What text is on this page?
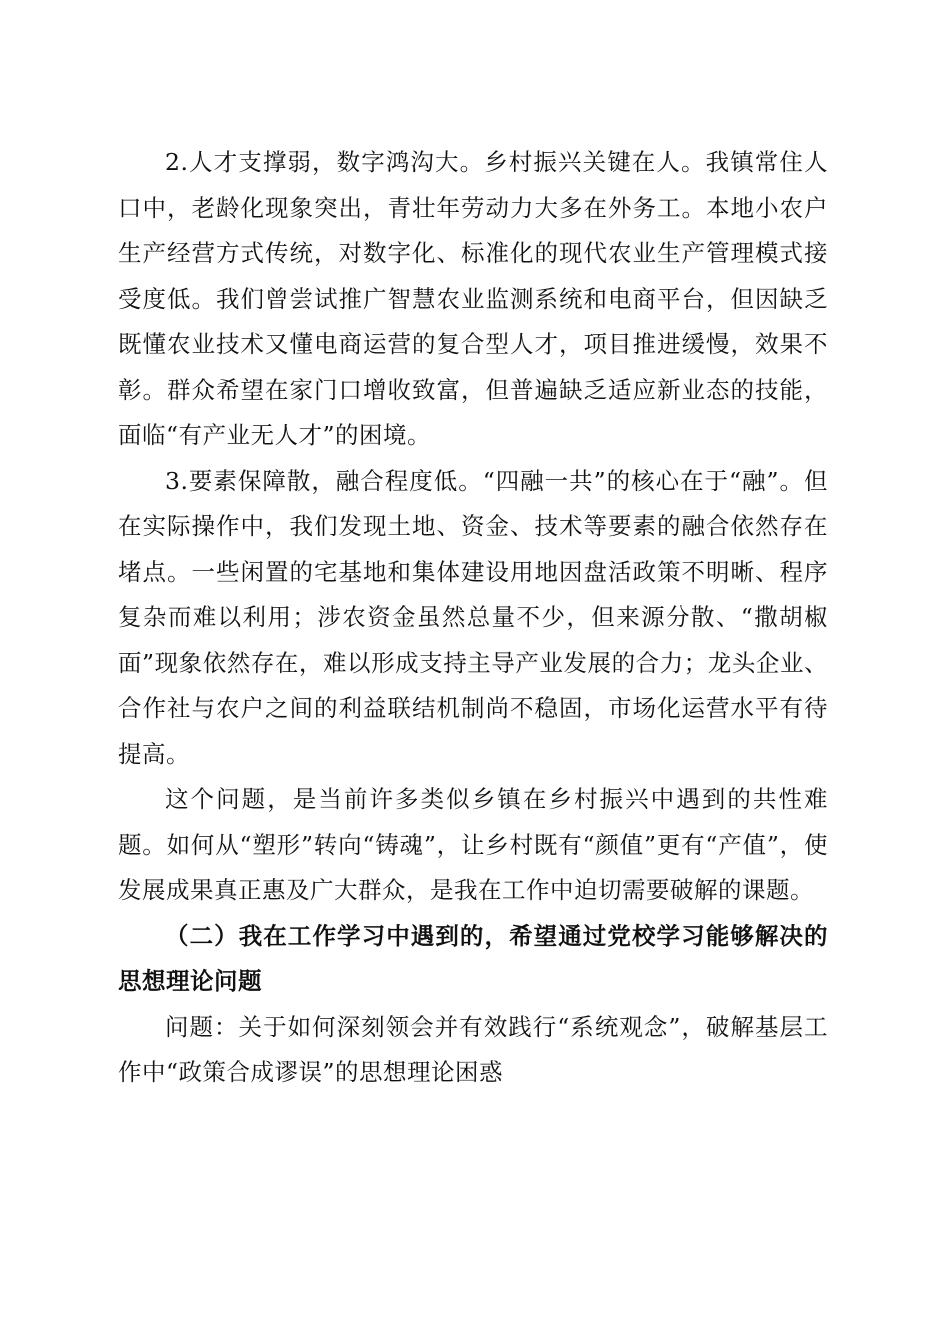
2.人才支撑弱，数字鸿沟大。乡村振兴关键在人。我镇常住人口中，老龄化现象突出，青壮年劳动力大多在外务工。本地小农户生产经营方式传统，对数字化、标准化的现代农业生产管理模式接受度低。我们曾尝试推广智慧农业监测系统和电商平台，但因缺乏既懂农业技术又懂电商运营的复合型人才，项目推进缓慢，效果不彰。群众希望在家门口增收致富，但普遍缺乏适应新业态的技能，面临“有产业无人才”的困境。

3.要素保障散，融合程度低。“四融一共”的核心在于“融”。但在实际操作中，我们发现土地、资金、技术等要素的融合依然存在堵点。一些闲置的宅基地和集体建设用地因盘活政策不明晰、程序复杂而难以利用；涉农资金虽然总量不少，但来源分散、“撒胡椒面”现象依然存在，难以形成支持主导产业发展的合力；龙头企业、合作社与农户之间的利益联结机制尚不稳固，市场化运营水平有待提高。

这个问题，是当前许多类似乡镇在乡村振兴中遇到的共性难题。如何从“塑形”转向“铸魂”，让乡村既有“颜值”更有“产值”，使发展成果真正惠及广大群众，是我在工作中迫切需要破解的课题。

（二）我在工作学习中遇到的，希望通过党校学习能够解决的思想理论问题

问题：关于如何深刻领会并有效践行“系统观念”，破解基层工作中“政策合成谬误”的思想理论困惑
